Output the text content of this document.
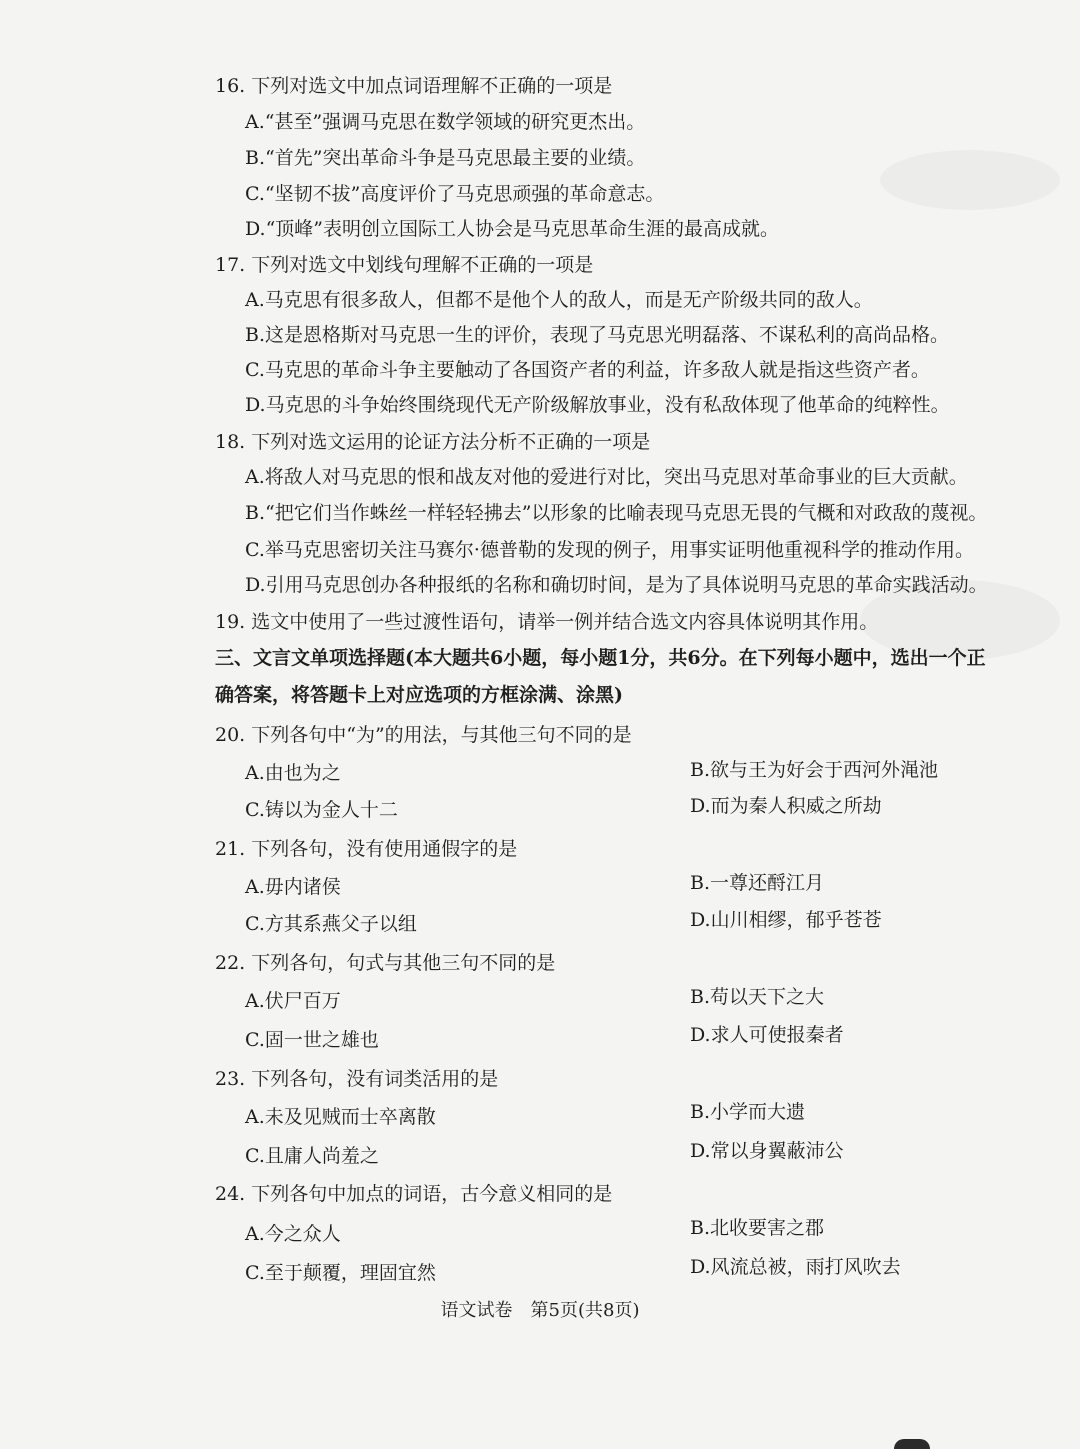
16. 下列对选文中加点词语理解不正确的一项是
A.“甚至”强调马克思在数学领域的研究更杰出。
B.“首先”突出革命斗争是马克思最主要的业绩。
C.“坚韧不拔”高度评价了马克思顽强的革命意志。
D.“顶峰”表明创立国际工人协会是马克思革命生涯的最高成就。
17. 下列对选文中划线句理解不正确的一项是
A.马克思有很多敌人，但都不是他个人的敌人，而是无产阶级共同的敌人。
B.这是恩格斯对马克思一生的评价，表现了马克思光明磊落、不谋私利的高尚品格。
C.马克思的革命斗争主要触动了各国资产者的利益，许多敌人就是指这些资产者。
D.马克思的斗争始终围绕现代无产阶级解放事业，没有私敌体现了他革命的纯粹性。
18. 下列对选文运用的论证方法分析不正确的一项是
A.将敌人对马克思的恨和战友对他的爱进行对比，突出马克思对革命事业的巨大贡献。
B.“把它们当作蛛丝一样轻轻拂去”以形象的比喻表现马克思无畏的气概和对政敌的蔑视。
C.举马克思密切关注马赛尔·德普勒的发现的例子，用事实证明他重视科学的推动作用。
D.引用马克思创办各种报纸的名称和确切时间，是为了具体说明马克思的革命实践活动。
19. 选文中使用了一些过渡性语句，请举一例并结合选文内容具体说明其作用。
三、文言文单项选择题(本大题共6小题，每小题1分，共6分。在下列每小题中，选出一个正
确答案，将答题卡上对应选项的方框涂满、涂黑)
20. 下列各句中“为”的用法，与其他三句不同的是
A.由也为之	B.欲与王为好会于西河外渑池
C.铸以为金人十二	D.而为秦人积威之所劫
21. 下列各句，没有使用通假字的是
A.毋内诸侯	B.一尊还酹江月
C.方其系燕父子以组	D.山川相缪，郁乎苍苍
22. 下列各句，句式与其他三句不同的是
A.伏尸百万	B.苟以天下之大
C.固一世之雄也	D.求人可使报秦者
23. 下列各句，没有词类活用的是
A.未及见贼而士卒离散	B.小学而大遗
C.且庸人尚羞之	D.常以身翼蔽沛公
24. 下列各句中加点的词语，古今意义相同的是
A.今之众人	B.北收要害之郡
C.至于颠覆，理固宜然	D.风流总被，雨打风吹去
语文试卷　第5页(共8页)
